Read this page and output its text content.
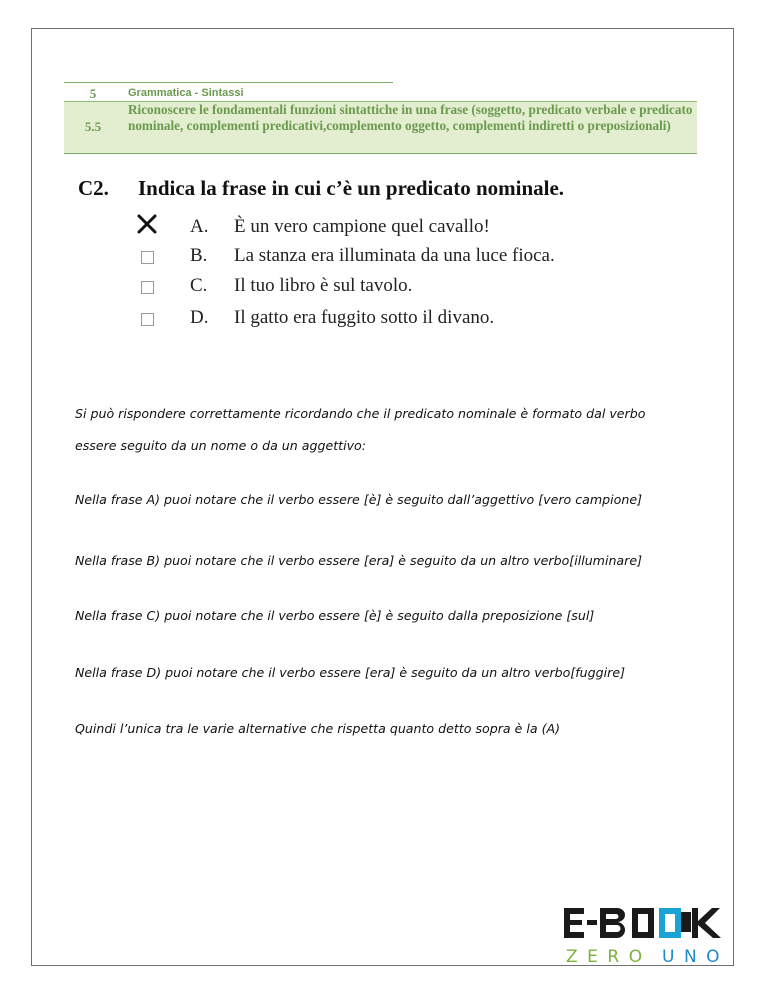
5	Grammatica - Sintassi
5.5
Riconoscere le fondamentali funzioni sintattiche in una frase (soggetto, predicato verbale e predicato nominale, complementi predicativi,complemento oggetto, complementi indiretti o preposizionali)
C2. Indica la frase in cui c’è un predicato nominale.
A. È un vero campione quel cavallo!
B. La stanza era illuminata da una luce fioca.
C. Il tuo libro è sul tavolo.
D. Il gatto era fuggito sotto il divano.
Si può rispondere correttamente ricordando che il predicato nominale è formato dal verbo
essere seguito da un nome o da un aggettivo:
Nella frase A) puoi notare che il verbo essere [è] è seguito dall’aggettivo [vero campione]
Nella frase B) puoi notare che il verbo essere [era] è seguito da un altro verbo[illuminare]
Nella frase C) puoi notare che il verbo essere [è] è seguito dalla preposizione [sul]
Nella frase D) puoi notare che il verbo essere [era] è seguito da un altro verbo[fuggire]
Quindi l’unica tra le varie alternative che rispetta quanto detto sopra è la (A)
ZERO UNO
